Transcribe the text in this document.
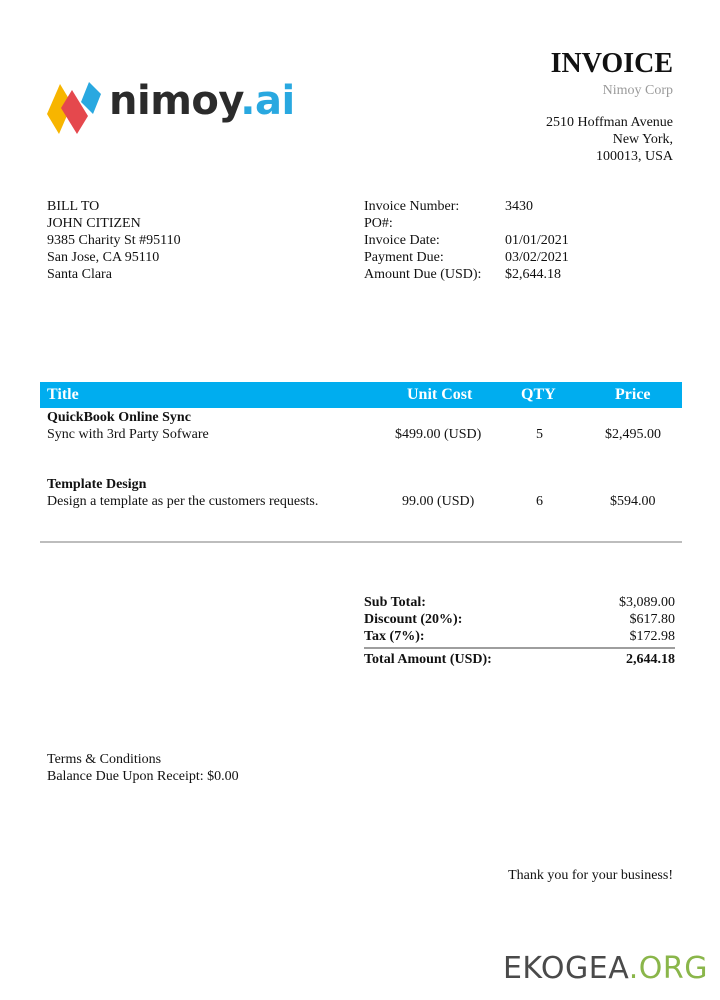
nimoy.ai
INVOICE
Nimoy Corp
2510 Hoffman Avenue
New York,
100013, USA
BILL TO
JOHN CITIZEN
9385 Charity St #95110
San Jose, CA 95110
Santa Clara
Invoice Number:	3430
PO#:
Invoice Date:	01/01/2021
Payment Due:	03/02/2021
Amount Due (USD):	$2,644.18
Title	Unit Cost	QTY	Price
QuickBook Online Sync
Sync with 3rd Party Sofware	$499.00 (USD)	5	$2,495.00
Template Design
Design a template as per the customers requests.	99.00 (USD)	6	$594.00
Sub Total:	$3,089.00
Discount (20%):	$617.80
Tax (7%):	$172.98
Total Amount (USD):	2,644.18
Terms & Conditions
Balance Due Upon Receipt: $0.00
Thank you for your business!
EKOGEA.ORG
